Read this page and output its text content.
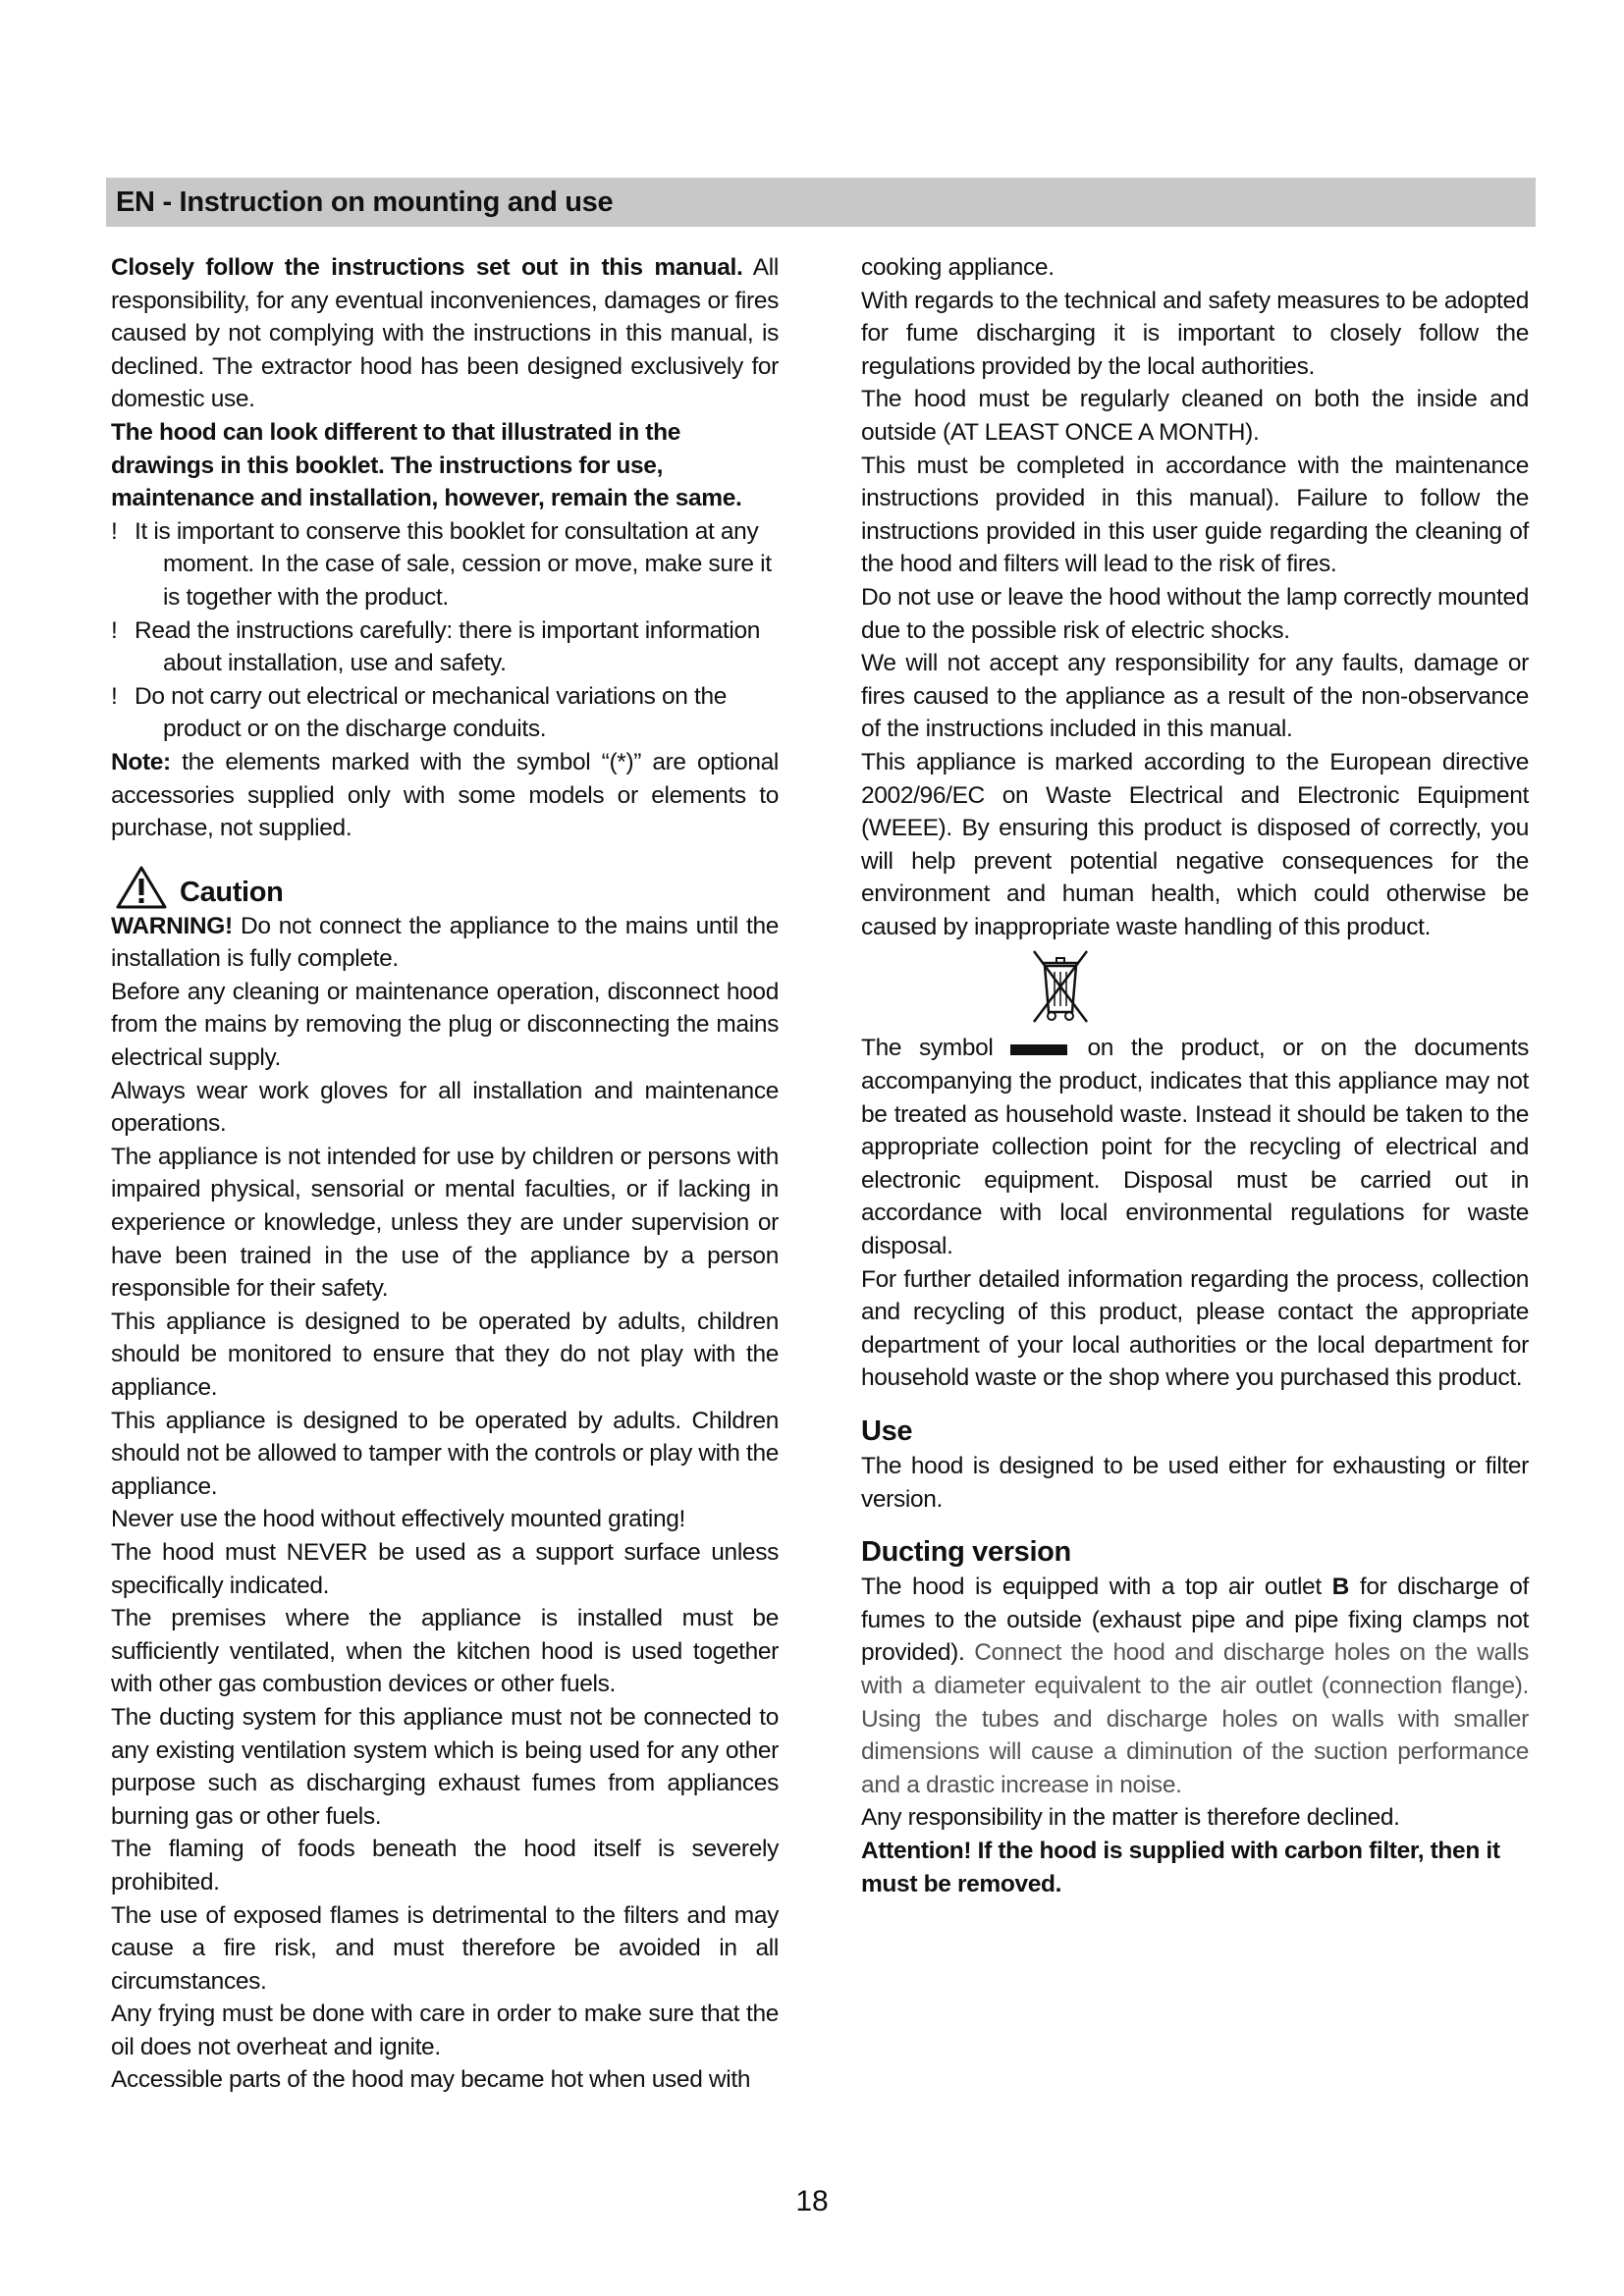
EN - Instruction on mounting and use

Closely follow the instructions set out in this manual. All responsibility, for any eventual inconveniences, damages or fires caused by not complying with the instructions in this manual, is declined. The extractor hood has been designed exclusively for domestic use.

The hood can look different to that illustrated in the drawings in this booklet. The instructions for use, maintenance and installation, however, remain the same.

! It is important to conserve this booklet for consultation at any moment. In the case of sale, cession or move, make sure it is together with the product.

! Read the instructions carefully: there is important information about installation, use and safety.

! Do not carry out electrical or mechanical variations on the product or on the discharge conduits.

Note: the elements marked with the symbol “(*)” are optional accessories supplied only with some models or elements to purchase, not supplied.

Caution

WARNING! Do not connect the appliance to the mains until the installation is fully complete.

Before any cleaning or maintenance operation, disconnect hood from the mains by removing the plug or disconnecting the mains electrical supply.

Always wear work gloves for all installation and maintenance operations.

The appliance is not intended for use by children or persons with impaired physical, sensorial or mental faculties, or if lacking in experience or knowledge, unless they are under supervision or have been trained in the use of the appliance by a person responsible for their safety.

This appliance is designed to be operated by adults, children should be monitored to ensure that they do not play with the appliance.

This appliance is designed to be operated by adults. Children should not be allowed to tamper with the controls or play with the appliance.

Never use the hood without effectively mounted grating!

The hood must NEVER be used as a support surface unless specifically indicated.

The premises where the appliance is installed must be sufficiently ventilated, when the kitchen hood is used together with other gas combustion devices or other fuels.

The ducting system for this appliance must not be connected to any existing ventilation system which is being used for any other purpose such as discharging exhaust fumes from appliances burning gas or other fuels.

The flaming of foods beneath the hood itself is severely prohibited.

The use of exposed flames is detrimental to the filters and may cause a fire risk, and must therefore be avoided in all circumstances.

Any frying must be done with care in order to make sure that the oil does not overheat and ignite.

Accessible parts of the hood may became hot when used with

cooking appliance.

With regards to the technical and safety measures to be adopted for fume discharging it is important to closely follow the regulations provided by the local authorities.

The hood must be regularly cleaned on both the inside and outside (AT LEAST ONCE A MONTH).

This must be completed in accordance with the maintenance instructions provided in this manual). Failure to follow the instructions provided in this user guide regarding the cleaning of the hood and filters will lead to the risk of fires.

Do not use or leave the hood without the lamp correctly mounted due to the possible risk of electric shocks.

We will not accept any responsibility for any faults, damage or fires caused to the appliance as a result of the non-observance of the instructions included in this manual.

This appliance is marked according to the European directive 2002/96/EC on Waste Electrical and Electronic Equipment (WEEE). By ensuring this product is disposed of correctly, you will help prevent potential negative consequences for the environment and human health, which could otherwise be caused by inappropriate waste handling of this product.

The symbol	on the product, or on the documents accompanying the product, indicates that this appliance may not be treated as household waste. Instead it should be taken to the appropriate collection point for the recycling of electrical and electronic equipment. Disposal must be carried out in accordance with local environmental regulations for waste disposal.

For further detailed information regarding the process, collection and recycling of this product, please contact the appropriate department of your local authorities or the local department for household waste or the shop where you purchased this product.

Use

The hood is designed to be used either for exhausting or filter version.

Ducting version

The hood is equipped with a top air outlet B for discharge of fumes to the outside (exhaust pipe and pipe fixing clamps not provided). Connect the hood and discharge holes on the walls with a diameter equivalent to the air outlet (connection flange). Using the tubes and discharge holes on walls with smaller dimensions will cause a diminution of the suction performance and a drastic increase in noise.

Any responsibility in the matter is therefore declined.

Attention! If the hood is supplied with carbon filter, then it must be removed.

18
